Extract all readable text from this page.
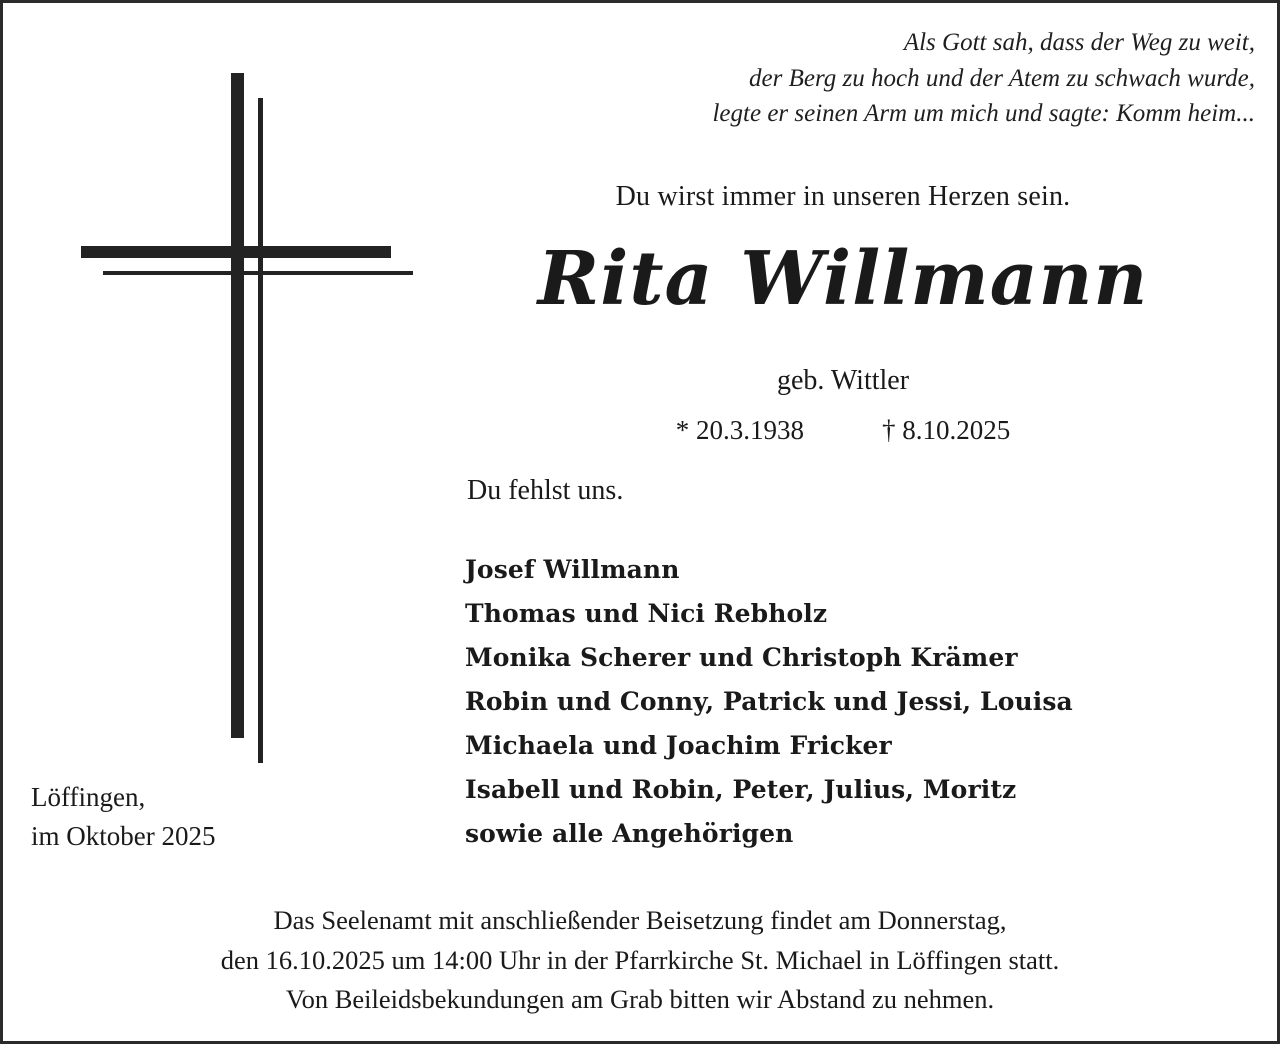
Als Gott sah, dass der Weg zu weit,
der Berg zu hoch und der Atem zu schwach wurde,
legte er seinen Arm um mich und sagte: Komm heim...
Du wirst immer in unseren Herzen sein.
Rita Willmann
geb. Wittler
* 20.3.1938	† 8.10.2025
Du fehlst uns.
Josef Willmann
Thomas und Nici Rebholz
Monika Scherer und Christoph Krämer
Robin und Conny, Patrick und Jessi, Louisa
Michaela und Joachim Fricker
Isabell und Robin, Peter, Julius, Moritz
sowie alle Angehörigen
Löffingen,
im Oktober 2025
Das Seelenamt mit anschließender Beisetzung findet am Donnerstag,
den 16.10.2025 um 14:00 Uhr in der Pfarrkirche St. Michael in Löffingen statt.
Von Beileidsbekundungen am Grab bitten wir Abstand zu nehmen.
